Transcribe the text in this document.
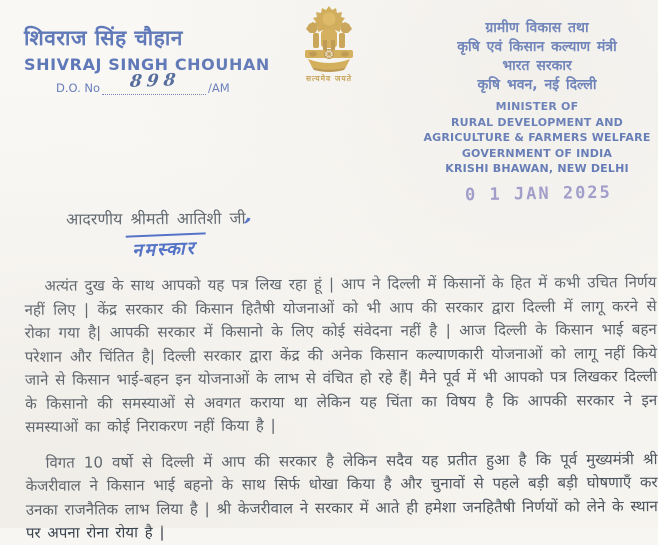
शिवराज सिंह चौहान
SHIVRAJ SINGH CHOUHAN
D.O. No 898 /AM
सत्यमेव जयते
ग्रामीण विकास तथा
कृषि एवं किसान कल्याण मंत्री
भारत सरकार
कृषि भवन, नई दिल्ली
MINISTER OF
RURAL DEVELOPMENT AND
AGRICULTURE & FARMERS WELFARE
GOVERNMENT OF INDIA
KRISHI BHAWAN, NEW DELHI
0 1 JAN 2025
आदरणीय श्रीमती आतिशी जी,
नमस्कार

अत्यंत दुख के साथ आपको यह पत्र लिख रहा हूं | आप ने दिल्ली में किसानों के हित में कभी उचित निर्णय नहीं लिए | केंद्र सरकार की किसान हितैषी योजनाओं को भी आप की सरकार द्वारा दिल्ली में लागू करने से रोका गया है| आपकी सरकार में किसानो के लिए कोई संवेदना नहीं है | आज दिल्ली के किसान भाई बहन परेशान और चिंतित है| दिल्ली सरकार द्वारा केंद्र की अनेक किसान कल्याणकारी योजनाओं को लागू नहीं किये जाने से किसान भाई-बहन इन योजनाओं के लाभ से वंचित हो रहे हैं| मैने पूर्व में भी आपको पत्र लिखकर दिल्ली के किसानो की समस्याओं से अवगत कराया था लेकिन यह चिंता का विषय है कि आपकी सरकार ने इन समस्याओं का कोई निराकरण नहीं किया है |

विगत 10 वर्षो से दिल्ली में आप की सरकार है लेकिन सदैव यह प्रतीत हुआ है कि पूर्व मुख्यमंत्री श्री केजरीवाल ने किसान भाई बहनो के साथ सिर्फ धोखा किया है और चुनावों से पहले बड़ी बड़ी घोषणाएँ कर उनका राजनैतिक लाभ लिया है | श्री केजरीवाल ने सरकार में आते ही हमेशा जनहितैषी निर्णयों को लेने के स्थान पर अपना रोना रोया है |
